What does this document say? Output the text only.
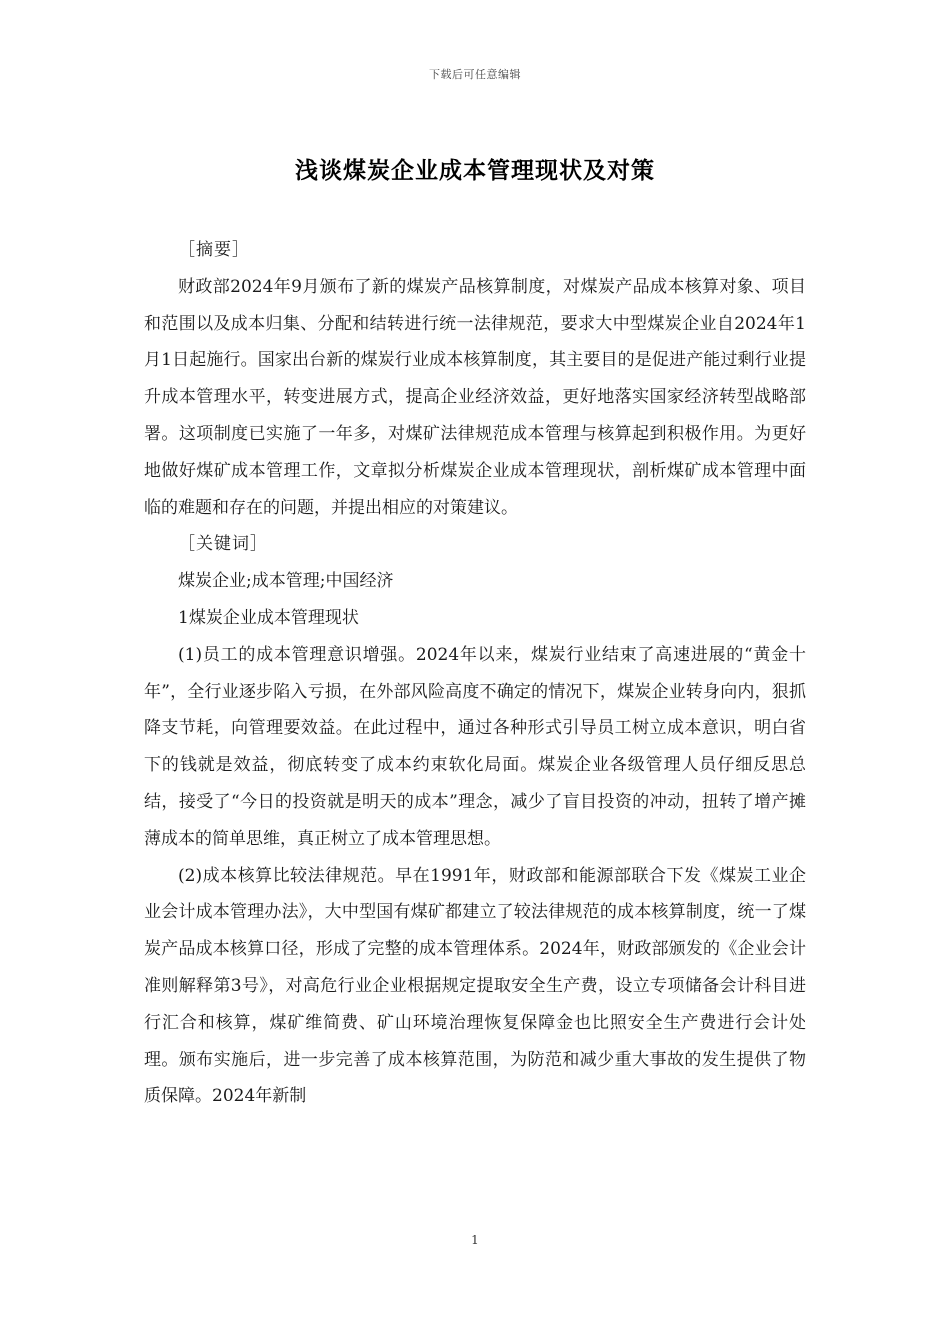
下载后可任意编辑
浅谈煤炭企业成本管理现状及对策

［摘要］

财政部2024年9月颁布了新的煤炭产品核算制度，对煤炭产品成本核算对象、项目和范围以及成本归集、分配和结转进行统一法律规范，要求大中型煤炭企业自2024年1月1日起施行。国家出台新的煤炭行业成本核算制度，其主要目的是促进产能过剩行业提升成本管理水平，转变进展方式，提高企业经济效益，更好地落实国家经济转型战略部署。这项制度已实施了一年多，对煤矿法律规范成本管理与核算起到积极作用。为更好地做好煤矿成本管理工作，文章拟分析煤炭企业成本管理现状，剖析煤矿成本管理中面临的难题和存在的问题，并提出相应的对策建议。

［关键词］

煤炭企业;成本管理;中国经济

1煤炭企业成本管理现状

(1)员工的成本管理意识增强。2024年以来，煤炭行业结束了高速进展的“黄金十年”，全行业逐步陷入亏损，在外部风险高度不确定的情况下，煤炭企业转身向内，狠抓降支节耗，向管理要效益。在此过程中，通过各种形式引导员工树立成本意识，明白省下的钱就是效益，彻底转变了成本约束软化局面。煤炭企业各级管理人员仔细反思总结，接受了“今日的投资就是明天的成本”理念，减少了盲目投资的冲动，扭转了增产摊薄成本的简单思维，真正树立了成本管理思想。

(2)成本核算比较法律规范。早在1991年，财政部和能源部联合下发《煤炭工业企业会计成本管理办法》，大中型国有煤矿都建立了较法律规范的成本核算制度，统一了煤炭产品成本核算口径，形成了完整的成本管理体系。2024年，财政部颁发的《企业会计准则解释第3号》，对高危行业企业根据规定提取安全生产费，设立专项储备会计科目进行汇合和核算，煤矿维简费、矿山环境治理恢复保障金也比照安全生产费进行会计处理。颁布实施后，进一步完善了成本核算范围，为防范和减少重大事故的发生提供了物质保障。2024年新制

1
